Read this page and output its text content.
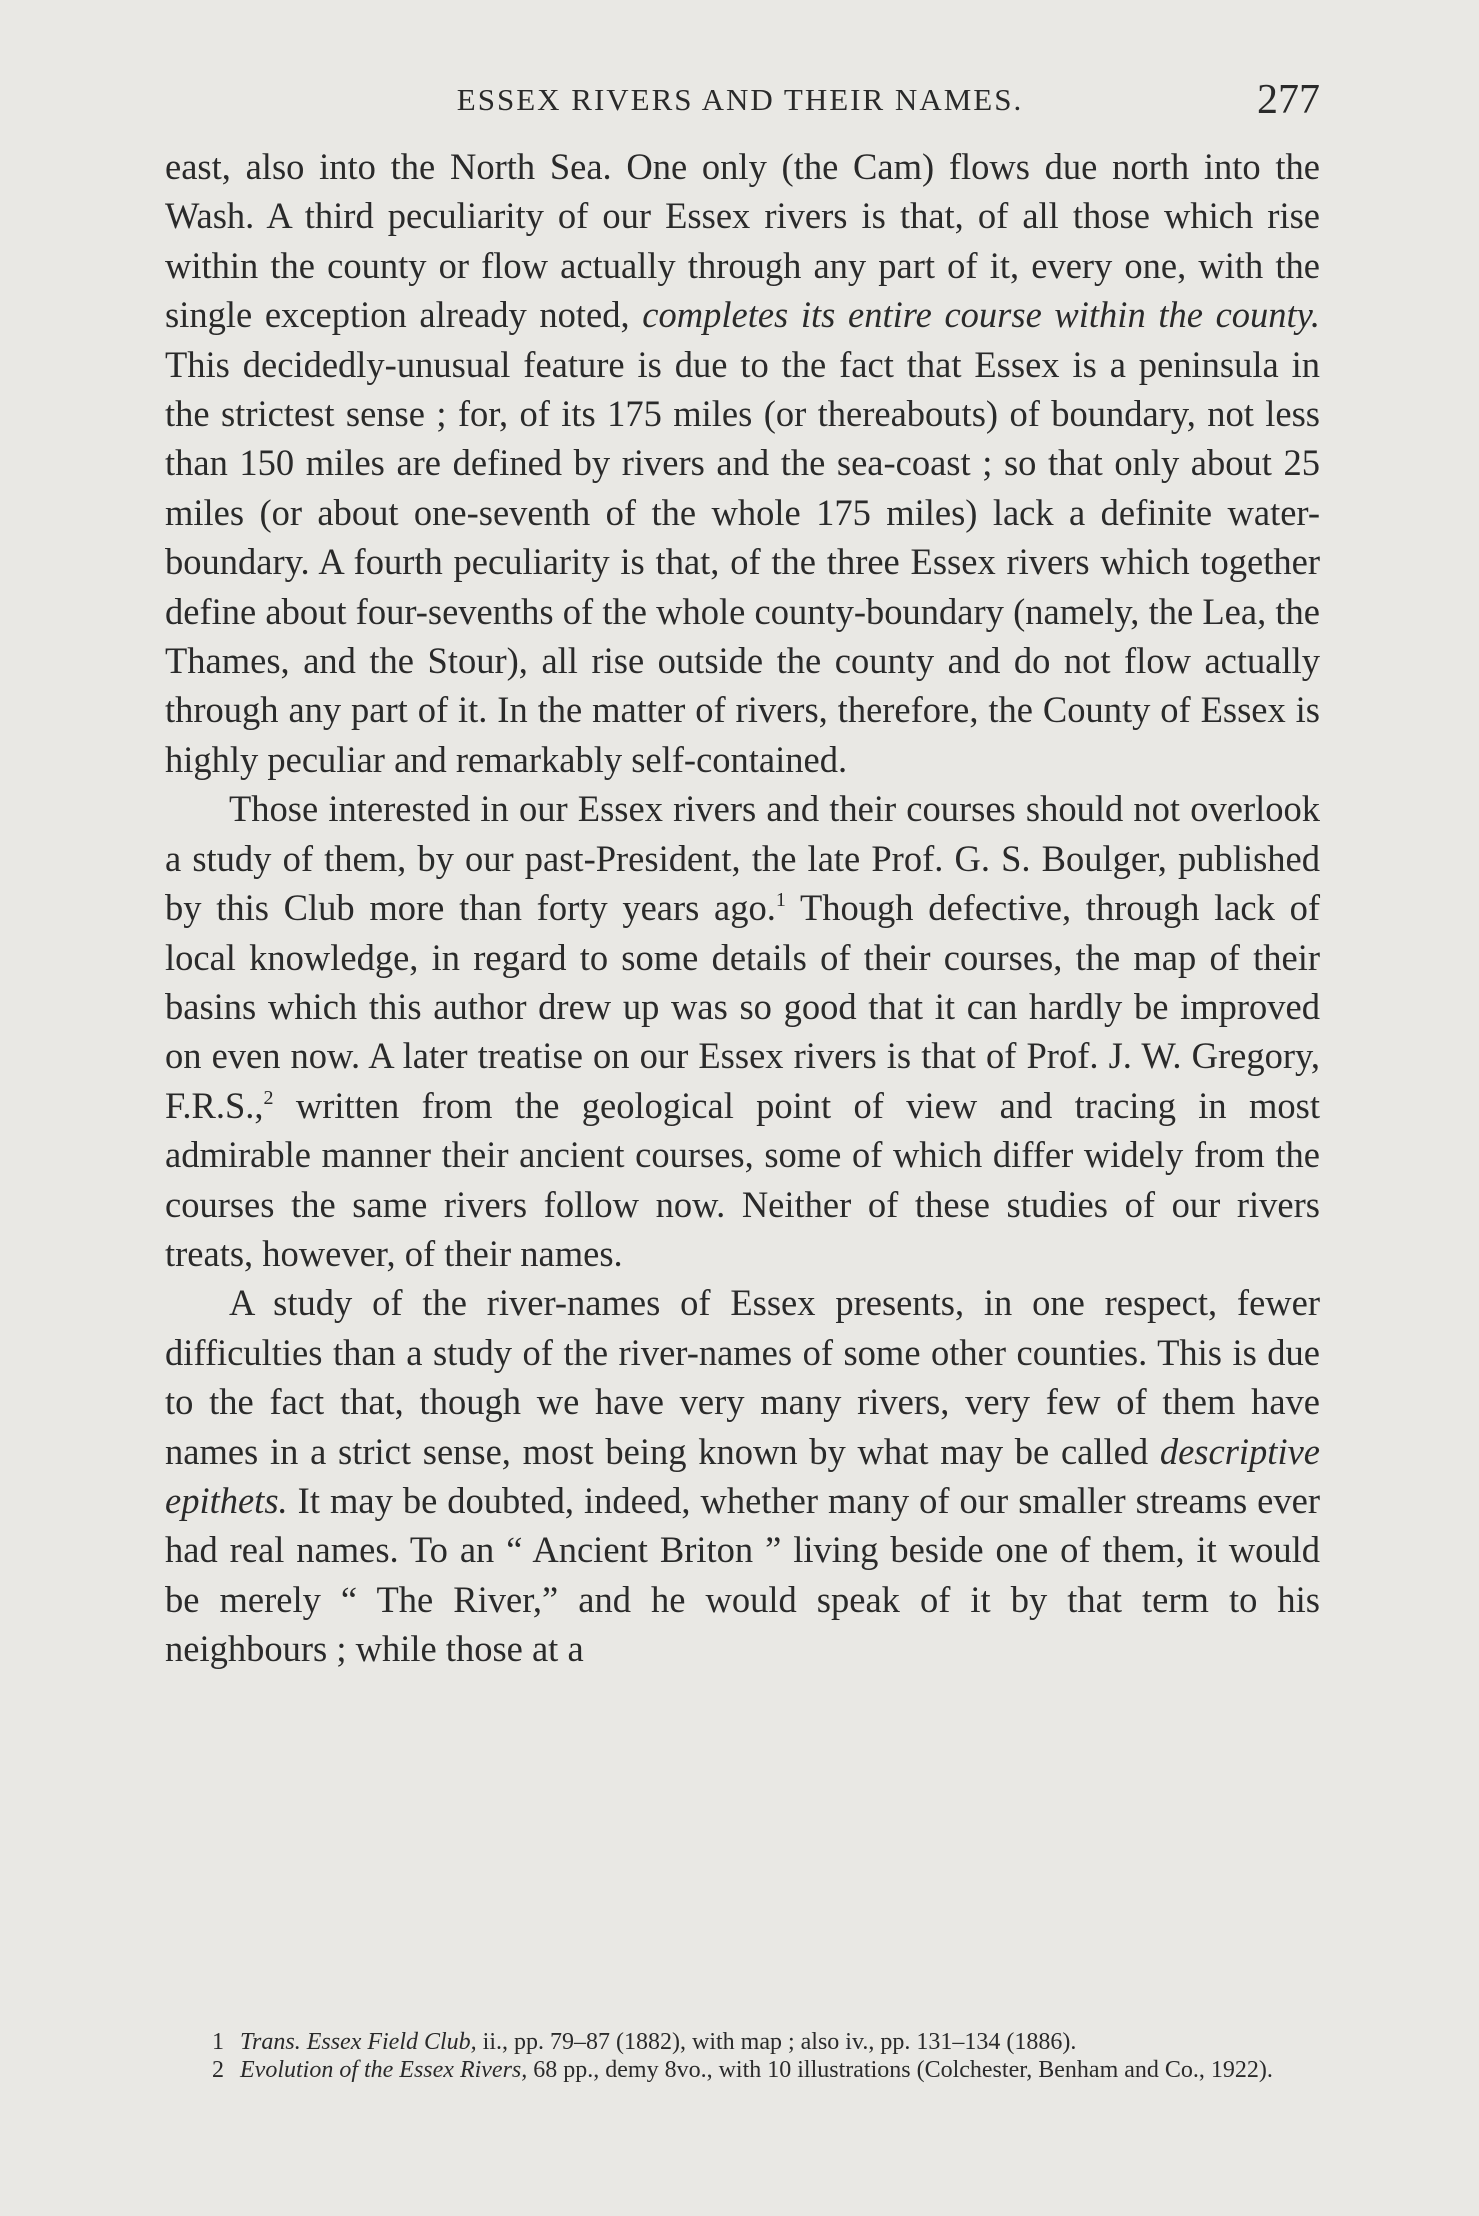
ESSEX RIVERS AND THEIR NAMES.	277

east, also into the North Sea. One only (the Cam) flows due north into the Wash. A third peculiarity of our Essex rivers is that, of all those which rise within the county or flow actually through any part of it, every one, with the single exception already noted, completes its entire course within the county. This decidedly-unusual feature is due to the fact that Essex is a peninsula in the strictest sense ; for, of its 175 miles (or thereabouts) of boundary, not less than 150 miles are defined by rivers and the sea-coast ; so that only about 25 miles (or about one-seventh of the whole 175 miles) lack a definite water-boundary. A fourth peculiarity is that, of the three Essex rivers which together define about four-sevenths of the whole county-boundary (namely, the Lea, the Thames, and the Stour), all rise outside the county and do not flow actually through any part of it. In the matter of rivers, therefore, the County of Essex is highly peculiar and remarkably self-contained.

Those interested in our Essex rivers and their courses should not overlook a study of them, by our past-President, the late Prof. G. S. Boulger, published by this Club more than forty years ago.$^1$ Though defective, through lack of local knowledge, in regard to some details of their courses, the map of their basins which this author drew up was so good that it can hardly be improved on even now. A later treatise on our Essex rivers is that of Prof. J. W. Gregory, F.R.S.,$^2$ written from the geological point of view and tracing in most admirable manner their ancient courses, some of which differ widely from the courses the same rivers follow now. Neither of these studies of our rivers treats, however, of their names.

A study of the river-names of Essex presents, in one respect, fewer difficulties than a study of the river-names of some other counties. This is due to the fact that, though we have very many rivers, very few of them have names in a strict sense, most being known by what may be called descriptive epithets. It may be doubted, indeed, whether many of our smaller streams ever had real names. To an “ Ancient Briton ” living beside one of them, it would be merely “ The River,” and he would speak of it by that term to his neighbours ; while those at a

1 Trans. Essex Field Club, ii., pp. 79–87 (1882), with map ; also iv., pp. 131–134 (1886).

2 Evolution of the Essex Rivers, 68 pp., demy 8vo., with 10 illustrations (Colchester, Benham and Co., 1922).
